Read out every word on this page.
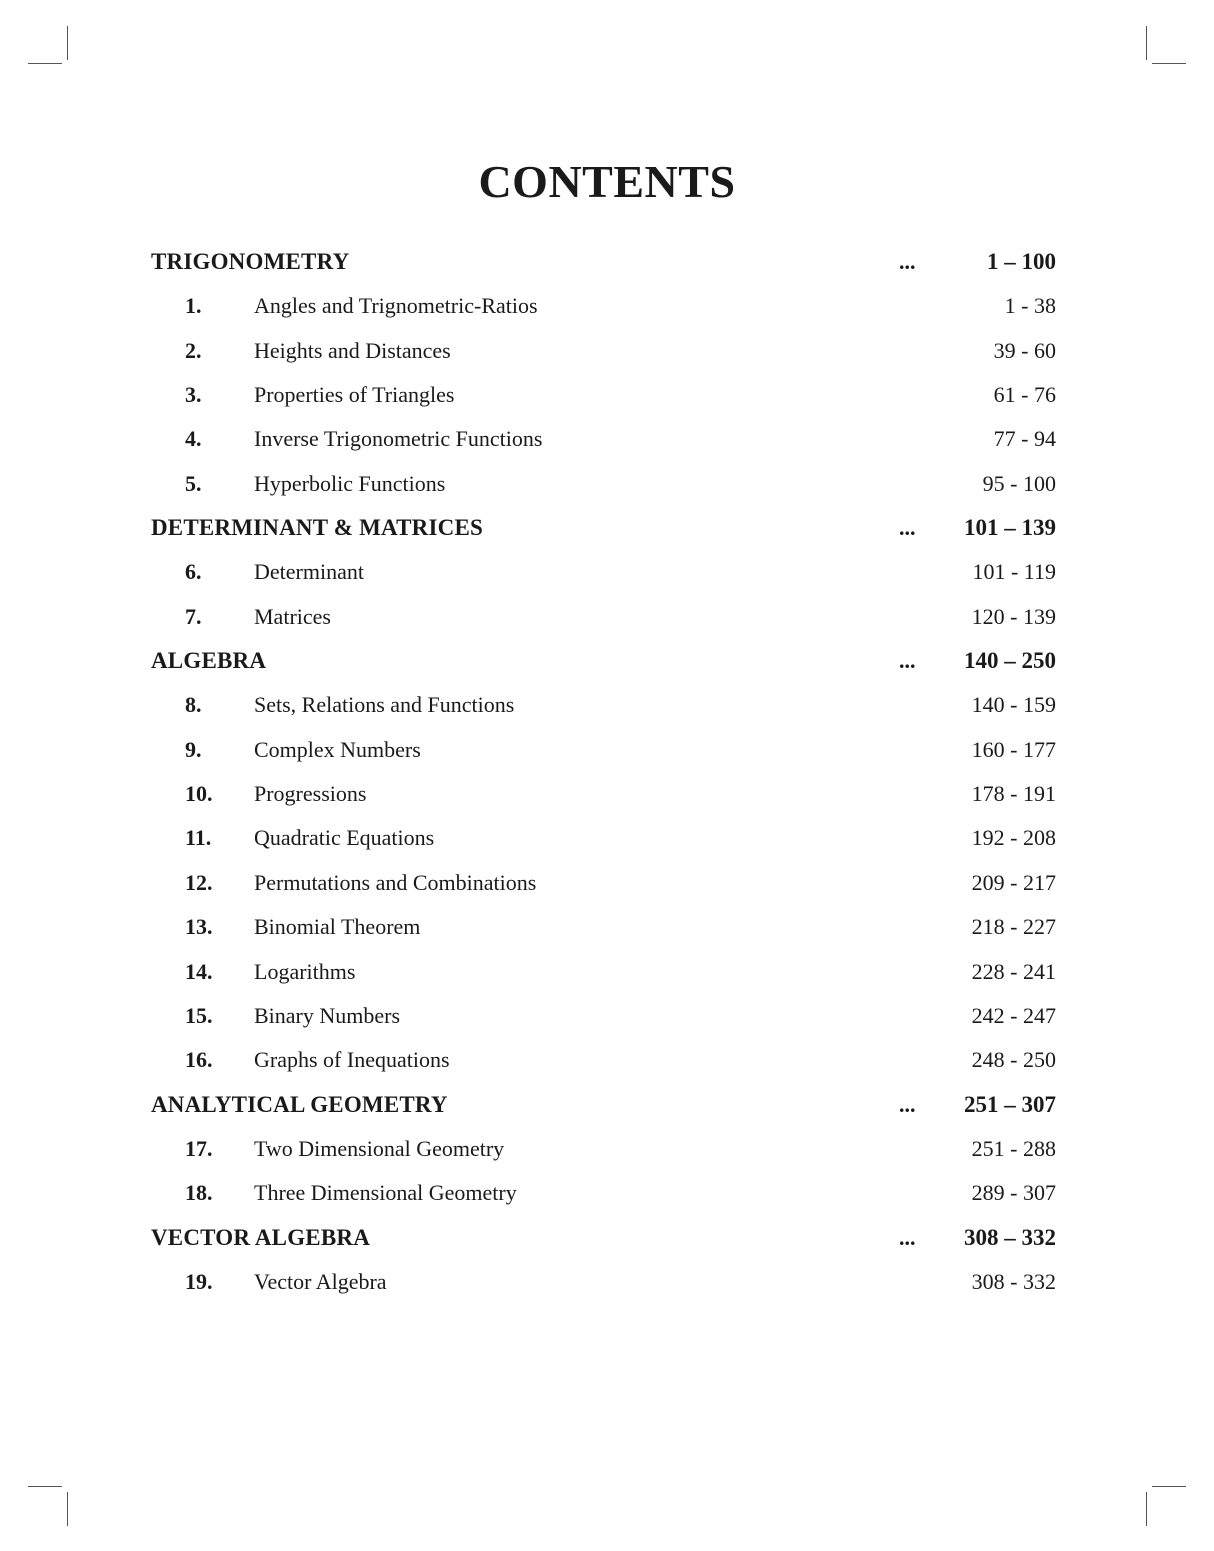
CONTENTS
TRIGONOMETRY	...	1 – 100
1. Angles and Trignometric-Ratios	1 - 38
2. Heights and Distances	39 - 60
3. Properties of Triangles	61 - 76
4. Inverse Trigonometric Functions	77 - 94
5. Hyperbolic Functions	95 - 100
DETERMINANT & MATRICES	... 101 – 139
6. Determinant	101 - 119
7. Matrices	120 - 139
ALGEBRA	... 140 – 250
8. Sets, Relations and Functions	140 - 159
9. Complex Numbers	160 - 177
10. Progressions	178 - 191
11. Quadratic Equations	192 - 208
12. Permutations and Combinations	209 - 217
13. Binomial Theorem	218 - 227
14. Logarithms	228 - 241
15. Binary Numbers	242 - 247
16. Graphs of Inequations	248 - 250
ANALYTICAL GEOMETRY	... 251 – 307
17. Two Dimensional Geometry	251 - 288
18. Three Dimensional Geometry	289 - 307
VECTOR ALGEBRA	... 308 – 332
19. Vector Algebra	308 - 332
